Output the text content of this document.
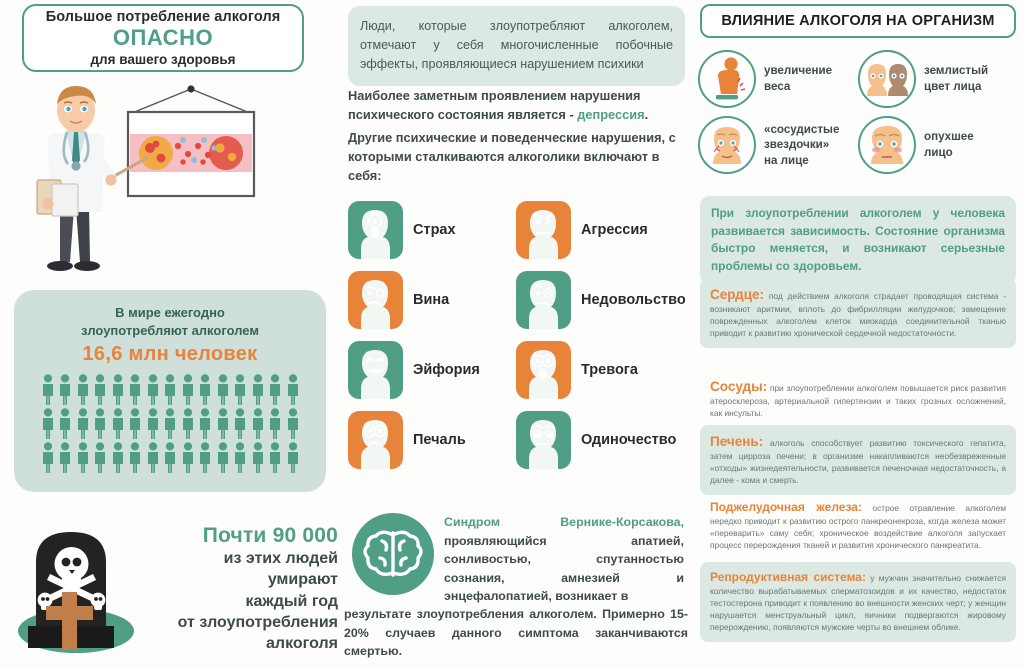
Большое потребление алкоголя
ОПАСНО
для вашего здоровья
В мире ежегодно
злоупотребляют алкоголем
16,6 млн человек
Почти 90 000
из этих людей
умирают
каждый год
от злоупотребления
алкоголя
Люди, которые злоупотребляют алкоголем, отмечают у себя многочисленные побочные эффекты, проявляющиеся нарушением психики
Наиболее заметным проявлением нарушения психического состояния является - депрессия.
Другие психические и поведенческие нарушения, с которыми сталкиваются алкоголики включают в себя:
Страх	Агрессия
Вина	Недовольство
Эйфория	Тревога
Печаль	Одиночество
Синдром Вернике-Корсакова, проявляющийся апатией, сонливостью, спутанностью сознания, амнезией и энцефалопатией, возникает в
результате злоупотребления алкоголем. Примерно 15-20% случаев данного симптома заканчиваются смертью.
ВЛИЯНИЕ АЛКОГОЛЯ НА ОРГАНИЗМ
увеличение
веса
землистый
цвет лица
«сосудистые
звездочки»
на лице
опухшее
лицо
При злоупотреблении алкоголем у человека развивается зависимость. Состояние организма быстро меняется, и возникают серьезные проблемы со здоровьем.
Сердце: под действием алкоголя страдает проводящая система - возникают аритмии, вплоть до фибрилляции желудочков; замещение поврежденных алкоголем клеток миокарда соединительной тканью приводит к развитию хронической сердечной недостаточности.
Сосуды: при злоупотреблении алкоголем повышается риск развития атеросклероза, артериальной гипертензии и таких грозных осложнений, как инсульты.
Печень: алкоголь способствует развитию токсического гепатита, затем цирроза печени; в организме накапливаются необезвреженные «отходы» жизнедеятельности, развивается печеночная недостаточность, а далее - кома и смерть.
Поджелудочная железа: острое отравление алкоголем нередко приводит к развитию острого панкреонекроза, когда железа может «переварить» саму себя; хроническое воздействие алкоголя запускает процесс перерождения тканей и развития хронического панкреатита.
Репродуктивная система: у мужчин значительно снижается количество вырабатываемых сперматозоидов и их качество, недостаток тестостерона приводит к появлению во внешности женских черт; у женщин нарушается менструальный цикл, яичники подвергаются жировому перерождению, появляются мужские черты во внешнем облике.
